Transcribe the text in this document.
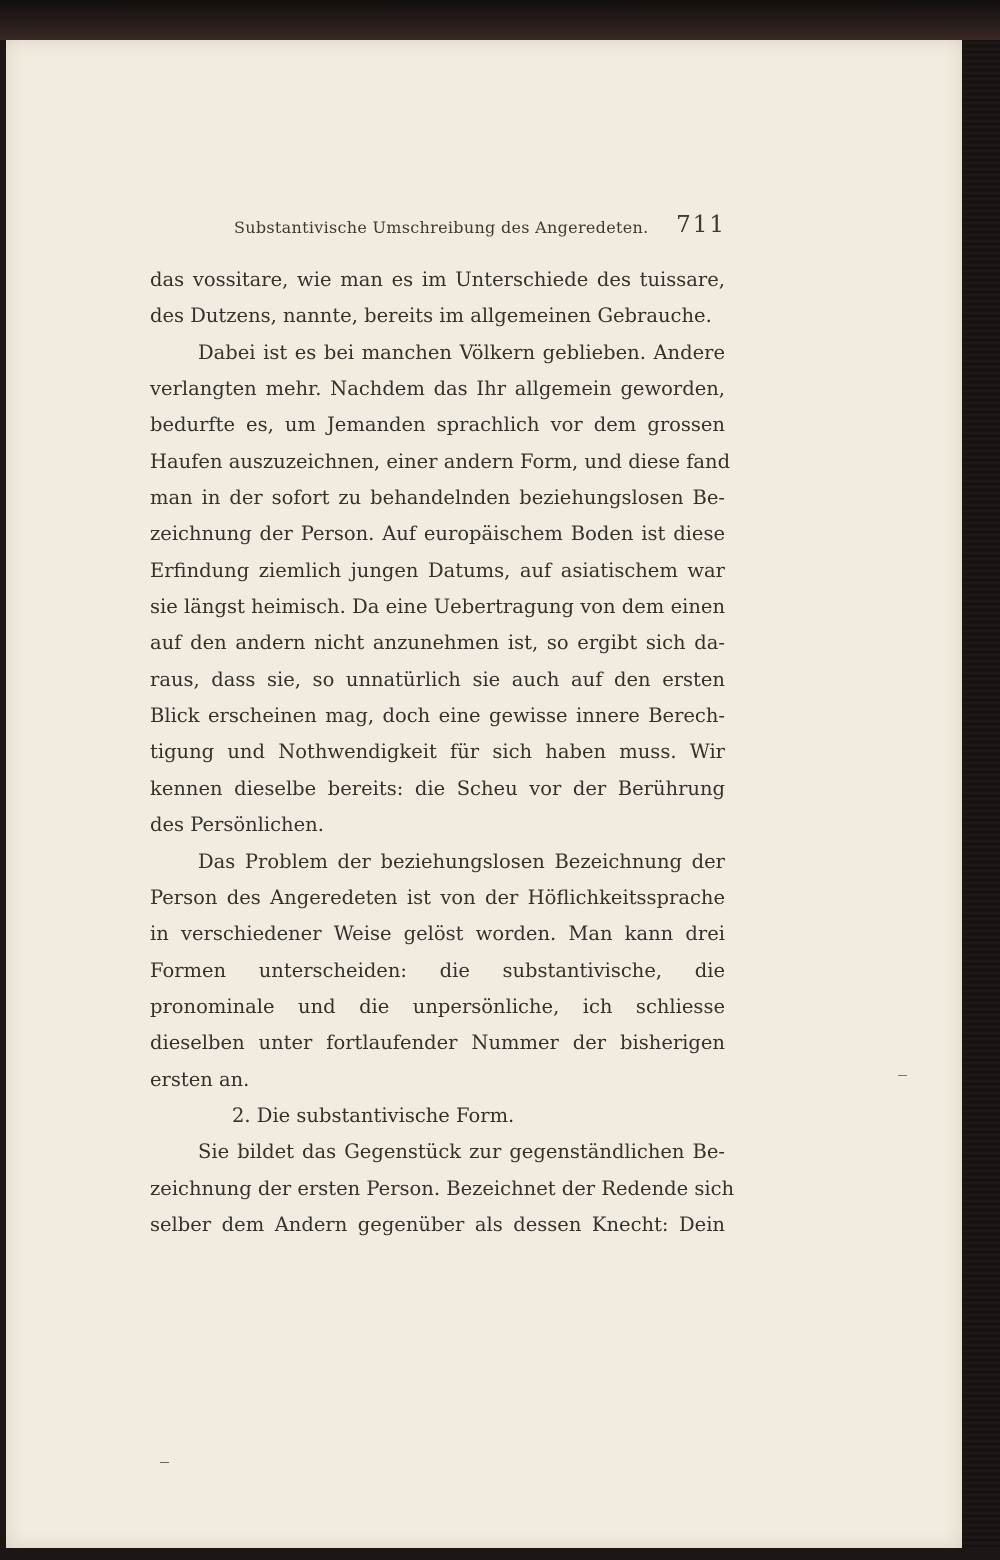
Substantivische Umschreibung des Angeredeten. 711
das vossitare, wie man es im Unterschiede des tuissare,
des Dutzens, nannte, bereits im allgemeinen Gebrauche.
Dabei ist es bei manchen Völkern geblieben. Andere
verlangten mehr. Nachdem das Ihr allgemein geworden,
bedurfte es, um Jemanden sprachlich vor dem grossen
Haufen auszuzeichnen, einer andern Form, und diese fand
man in der sofort zu behandelnden beziehungslosen Be-
zeichnung der Person. Auf europäischem Boden ist diese
Erfindung ziemlich jungen Datums, auf asiatischem war
sie längst heimisch. Da eine Uebertragung von dem einen
auf den andern nicht anzunehmen ist, so ergibt sich da-
raus, dass sie, so unnatürlich sie auch auf den ersten
Blick erscheinen mag, doch eine gewisse innere Berech-
tigung und Nothwendigkeit für sich haben muss. Wir
kennen dieselbe bereits: die Scheu vor der Berührung
des Persönlichen.
Das Problem der beziehungslosen Bezeichnung der
Person des Angeredeten ist von der Höflichkeitssprache
in verschiedener Weise gelöst worden. Man kann drei
Formen unterscheiden: die substantivische, die
pronominale und die unpersönliche, ich schliesse
dieselben unter fortlaufender Nummer der bisherigen
ersten an.
2. Die substantivische Form.
Sie bildet das Gegenstück zur gegenständlichen Be-
zeichnung der ersten Person. Bezeichnet der Redende sich
selber dem Andern gegenüber als dessen Knecht: Dein
